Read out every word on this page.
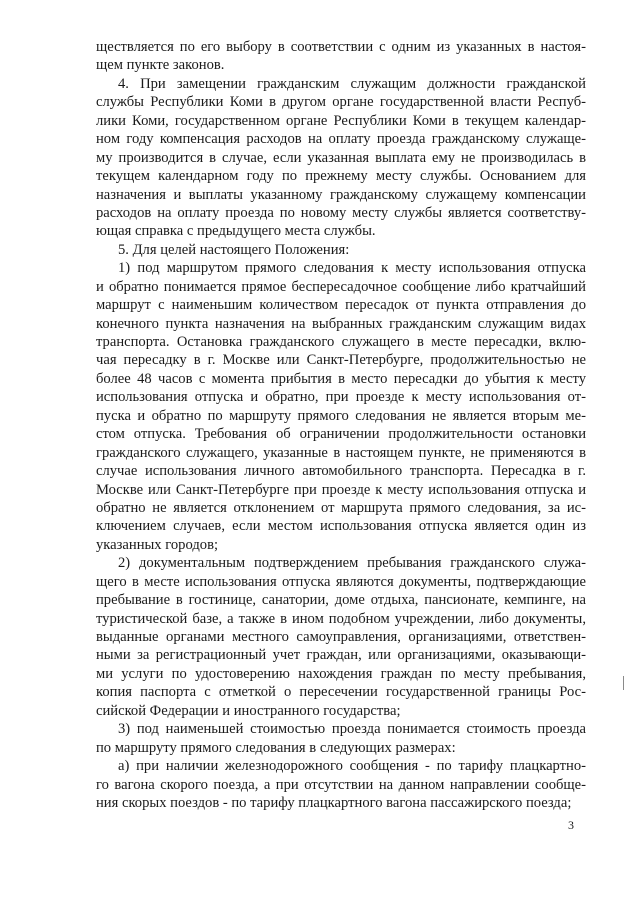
ществляется по его выбору в соответствии с одним из указанных в настоя-
щем пункте законов.
4. При замещении гражданским служащим должности гражданской
службы Республики Коми в другом органе государственной власти Респуб-
лики Коми, государственном органе Республики Коми в текущем календар-
ном году компенсация расходов на оплату проезда гражданскому служаще-
му производится в случае, если указанная выплата ему не производилась в
текущем календарном году по прежнему месту службы. Основанием для
назначения и выплаты указанному гражданскому служащему компенсации
расходов на оплату проезда по новому месту службы является соответству-
ющая справка с предыдущего места службы.
5. Для целей настоящего Положения:
1) под маршрутом прямого следования к месту использования отпуска
и обратно понимается прямое беспересадочное сообщение либо кратчайший
маршрут с наименьшим количеством пересадок от пункта отправления до
конечного пункта назначения на выбранных гражданским служащим видах
транспорта. Остановка гражданского служащего в месте пересадки, вклю-
чая пересадку в г. Москве или Санкт-Петербурге, продолжительностью не
более 48 часов с момента прибытия в место пересадки до убытия к месту
использования отпуска и обратно, при проезде к месту использования от-
пуска и обратно по маршруту прямого следования не является вторым ме-
стом отпуска. Требования об ограничении продолжительности остановки
гражданского служащего, указанные в настоящем пункте, не применяются в
случае использования личного автомобильного транспорта. Пересадка в г.
Москве или Санкт-Петербурге при проезде к месту использования отпуска и
обратно не является отклонением от маршрута прямого следования, за ис-
ключением случаев, если местом использования отпуска является один из
указанных городов;
2) документальным подтверждением пребывания гражданского служа-
щего в месте использования отпуска являются документы, подтверждающие
пребывание в гостинице, санатории, доме отдыха, пансионате, кемпинге, на
туристической базе, а также в ином подобном учреждении, либо документы,
выданные органами местного самоуправления, организациями, ответствен-
ными за регистрационный учет граждан, или организациями, оказывающи-
ми услуги по удостоверению нахождения граждан по месту пребывания,
копия паспорта с отметкой о пересечении государственной границы Рос-
сийской Федерации и иностранного государства;
3) под наименьшей стоимостью проезда понимается стоимость проезда
по маршруту прямого следования в следующих размерах:
а) при наличии железнодорожного сообщения - по тарифу плацкартно-
го вагона скорого поезда, а при отсутствии на данном направлении сообще-
ния скорых поездов - по тарифу плацкартного вагона пассажирского поезда;
3
